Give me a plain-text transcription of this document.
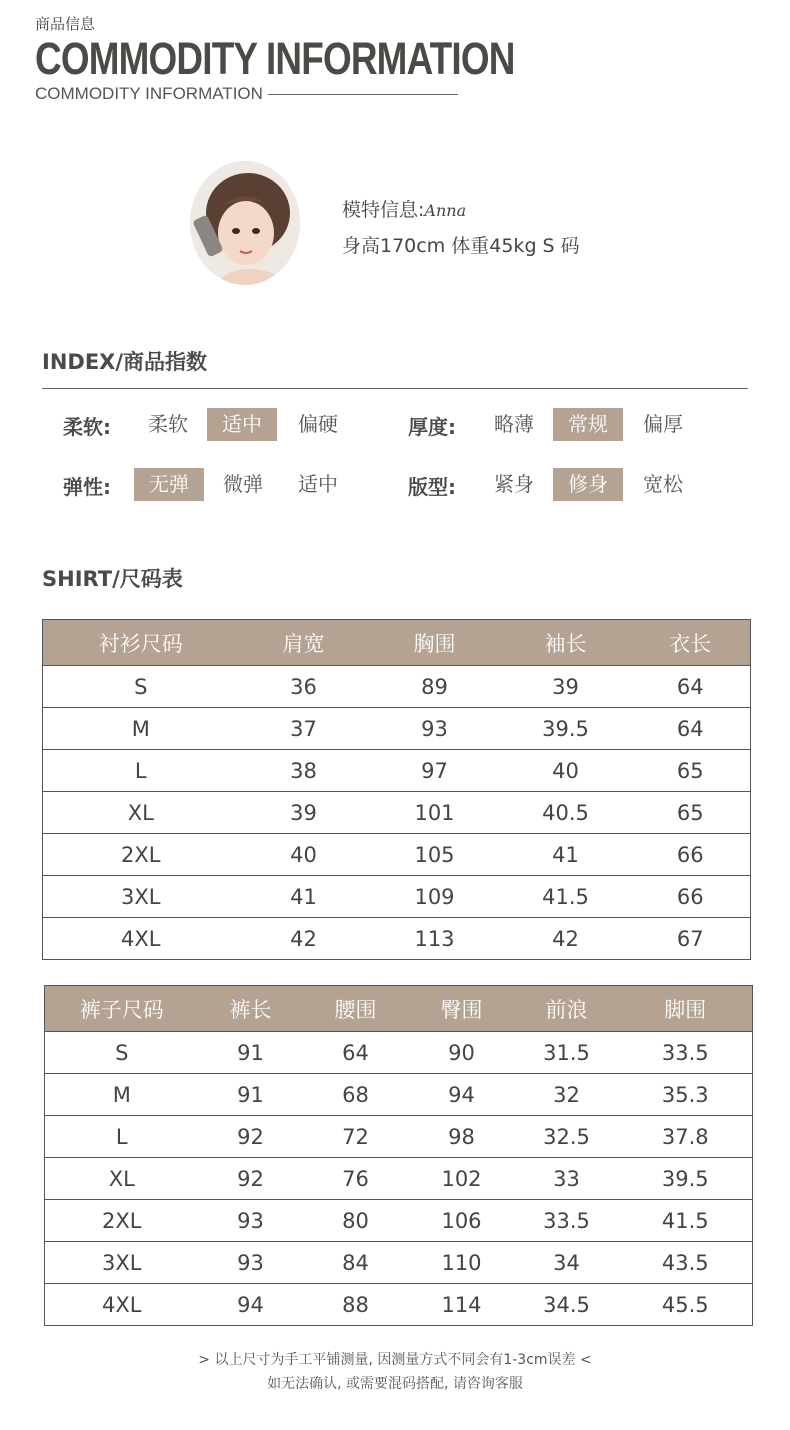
商品信息
COMMODITY INFORMATION
COMMODITY INFORMATION
模特信息:Anna
身高170cm 体重45kg S 码
INDEX/商品指数
柔软:	柔软	适中	偏硬	厚度:	略薄	常规	偏厚
弹性:	无弹	微弹	适中	版型:	紧身	修身	宽松
SHIRT/尺码表
衬衫尺码	肩宽	胸围	袖长	衣长
S	36	89	39	64
M	37	93	39.5	64
L	38	97	40	65
XL	39	101	40.5	65
2XL	40	105	41	66
3XL	41	109	41.5	66
4XL	42	113	42	67
裤子尺码	裤长	腰围	臀围	前浪	脚围
S	91	64	90	31.5	33.5
M	91	68	94	32	35.3
L	92	72	98	32.5	37.8
XL	92	76	102	33	39.5
2XL	93	80	106	33.5	41.5
3XL	93	84	110	34	43.5
4XL	94	88	114	34.5	45.5
> 以上尺寸为手工平铺测量, 因测量方式不同会有1-3cm误差 <
如无法确认, 或需要混码搭配, 请咨询客服
